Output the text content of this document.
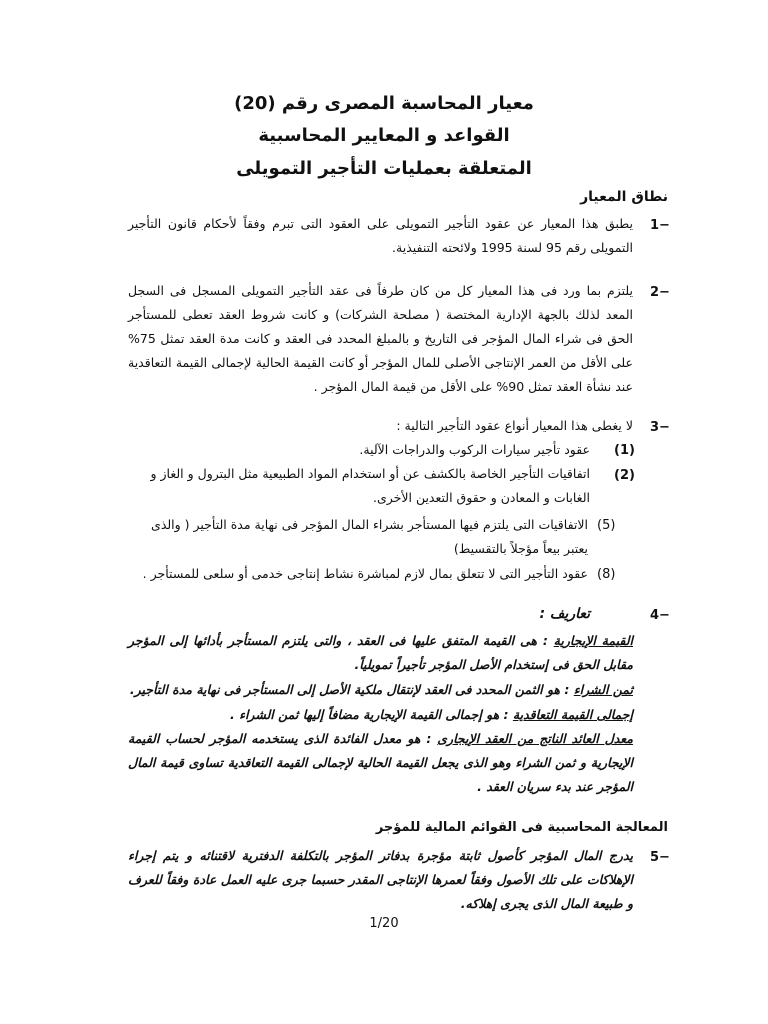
معيار المحاسبة المصرى رقم (20)
القواعد و المعايير المحاسبية
المتعلقة بعمليات التأجير التمويلى
نطاق المعيار
1−

يطبق هذا المعيار عن عقود التأجير التمويلى على العقود التى تبرم وفقاً لأحكام قانون التأجير التمويلى رقم 95 لسنة 1995 ولائحته التنفيذية.

2−

يلتزم بما ورد فى هذا المعيار كل من كان طرفاً فى عقد التأجير التمويلى المسجل فى السجل المعد لذلك بالجهة الإدارية المختصة ( مصلحة الشركات) و كانت شروط العقد تعطى للمستأجر الحق فى شراء المال المؤجر فى التاريخ و بالمبلغ المحدد فى العقد و كانت مدة العقد تمثل 75% على الأقل من العمر الإنتاجى الأصلى للمال المؤجر أو كانت القيمة الحالية لإجمالى القيمة التعاقدية عند نشأة العقد تمثل 90% على الأقل من قيمة المال المؤجر .

3−

لا يغطى هذا المعيار أنواع عقود التأجير التالية :

(1)

عقود تأجير سيارات الركوب والدراجات الآلية.

(2)

اتفاقيات التأجير الخاصة بالكشف عن أو استخدام المواد الطبيعية مثل البترول و الغاز و الغابات و المعادن و حقوق التعدين الأخرى.

(5)

الاتفاقيات التى يلتزم فيها المستأجر بشراء المال المؤجر فى نهاية مدة التأجير ( والذى يعتبر بيعاً مؤجلاً بالتقسيط)

(8)

عقود التأجير التى لا تتعلق بمال لازم لمباشرة نشاط إنتاجى خدمى أو سلعى للمستأجر .

4−
تعاريف :

القيمة الإيجارية : هى القيمة المتفق عليها فى العقد ، والتى يلتزم المستأجر بأدائها إلى المؤجر مقابل الحق فى إستخدام الأصل المؤجر تأجيراً تمويلياً.

ثمن الشراء : هو الثمن المحدد فى العقد لإنتقال ملكية الأصل إلى المستأجر فى نهاية مدة التأجير.

إجمالى القيمة التعاقدية : هو إجمالى القيمة الإيجارية مضافاً إليها ثمن الشراء .

معدل العائد الناتج من العقد الإيجارى : هو معدل الفائدة الذى يستخدمه المؤجر لحساب القيمة الإيجارية و ثمن الشراء وهو الذى يجعل القيمة الحالية لإجمالى القيمة التعاقدية تساوى قيمة المال المؤجر عند بدء سريان العقد .

المعالجة المحاسبية فى القوائم المالية للمؤجر
5−

يدرج المال المؤجر كأصول ثابتة مؤجرة بدفاتر المؤجر بالتكلفة الدفترية لاقتنائه و يتم إجراء الإهلاكات على تلك الأصول وفقاً لعمرها الإنتاجى المقدر حسبما جرى عليه العمل عادة وفقاً للعرف و طبيعة المال الذى يجرى إهلاكه.

1/20
